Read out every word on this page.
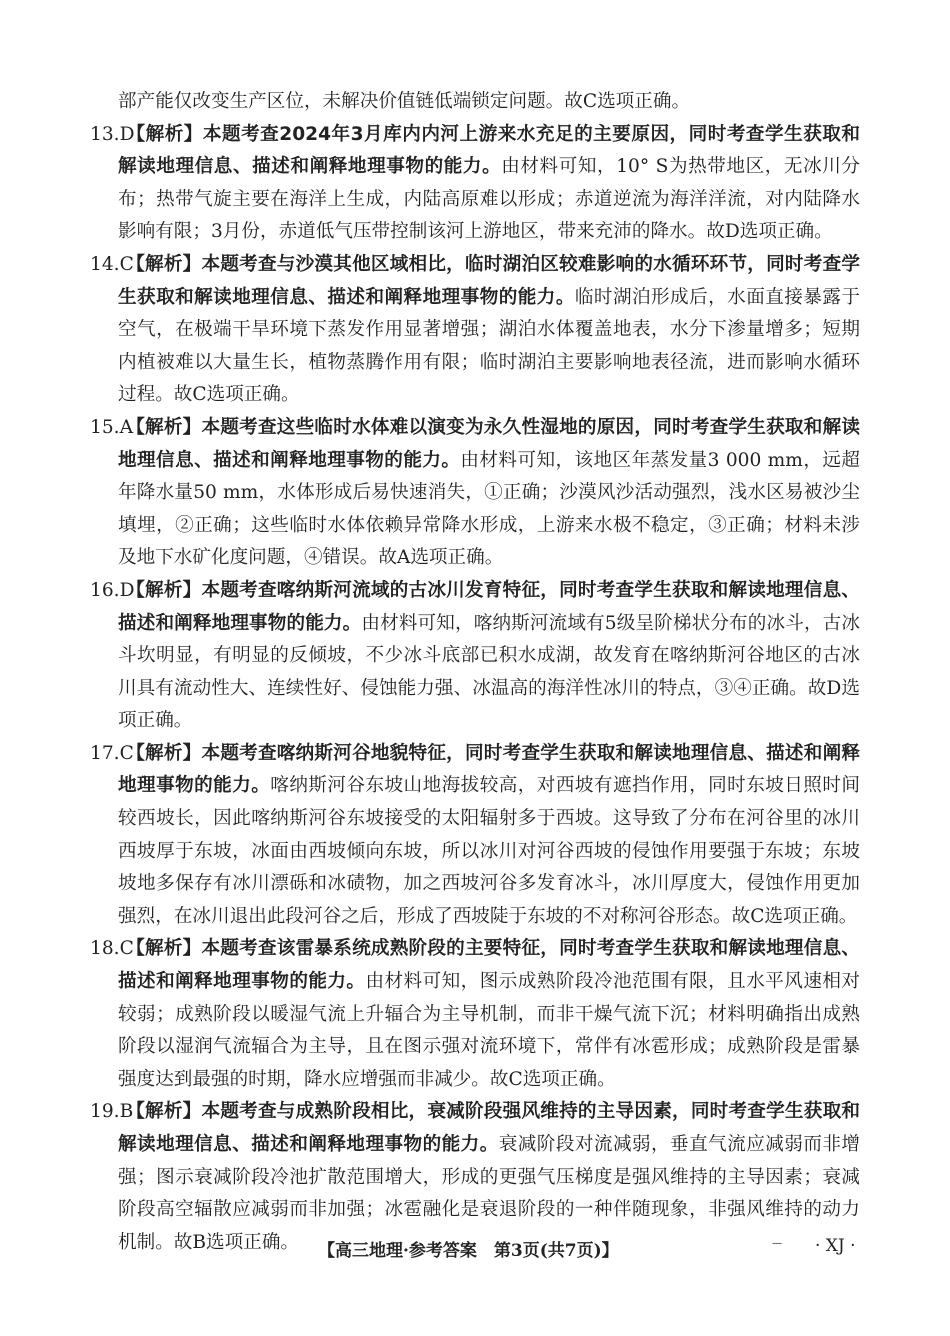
部产能仅改变生产区位，未解决价值链低端锁定问题。故C选项正确。
13.D【解析】本题考查2024年3月库内内河上游来水充足的主要原因，同时考查学生获取和解读地理信息、描述和阐释地理事物的能力。由材料可知，10° S为热带地区，无冰川分布；热带气旋主要在海洋上生成，内陆高原难以形成；赤道逆流为海洋洋流，对内陆降水影响有限；3月份，赤道低气压带控制该河上游地区，带来充沛的降水。故D选项正确。
14.C【解析】本题考查与沙漠其他区域相比，临时湖泊区较难影响的水循环环节，同时考查学生获取和解读地理信息、描述和阐释地理事物的能力。临时湖泊形成后，水面直接暴露于空气，在极端干旱环境下蒸发作用显著增强；湖泊水体覆盖地表，水分下渗量增多；短期内植被难以大量生长，植物蒸腾作用有限；临时湖泊主要影响地表径流，进而影响水循环过程。故C选项正确。
15.A【解析】本题考查这些临时水体难以演变为永久性湿地的原因，同时考查学生获取和解读地理信息、描述和阐释地理事物的能力。由材料可知，该地区年蒸发量3 000 mm，远超年降水量50 mm，水体形成后易快速消失，①正确；沙漠风沙活动强烈，浅水区易被沙尘填埋，②正确；这些临时水体依赖异常降水形成，上游来水极不稳定，③正确；材料未涉及地下水矿化度问题，④错误。故A选项正确。
16.D【解析】本题考查喀纳斯河流域的古冰川发育特征，同时考查学生获取和解读地理信息、描述和阐释地理事物的能力。由材料可知，喀纳斯河流域有5级呈阶梯状分布的冰斗，古冰斗坎明显，有明显的反倾坡，不少冰斗底部已积水成湖，故发育在喀纳斯河谷地区的古冰川具有流动性大、连续性好、侵蚀能力强、冰温高的海洋性冰川的特点，③④正确。故D选项正确。
17.C【解析】本题考查喀纳斯河谷地貌特征，同时考查学生获取和解读地理信息、描述和阐释地理事物的能力。喀纳斯河谷东坡山地海拔较高，对西坡有遮挡作用，同时东坡日照时间较西坡长，因此喀纳斯河谷东坡接受的太阳辐射多于西坡。这导致了分布在河谷里的冰川西坡厚于东坡，冰面由西坡倾向东坡，所以冰川对河谷西坡的侵蚀作用要强于东坡；东坡坡地多保存有冰川漂砾和冰碛物，加之西坡河谷多发育冰斗，冰川厚度大，侵蚀作用更加强烈，在冰川退出此段河谷之后，形成了西坡陡于东坡的不对称河谷形态。故C选项正确。
18.C【解析】本题考查该雷暴系统成熟阶段的主要特征，同时考查学生获取和解读地理信息、描述和阐释地理事物的能力。由材料可知，图示成熟阶段冷池范围有限，且水平风速相对较弱；成熟阶段以暖湿气流上升辐合为主导机制，而非干燥气流下沉；材料明确指出成熟阶段以湿润气流辐合为主导，且在图示强对流环境下，常伴有冰雹形成；成熟阶段是雷暴强度达到最强的时期，降水应增强而非减少。故C选项正确。
19.B【解析】本题考查与成熟阶段相比，衰减阶段强风维持的主导因素，同时考查学生获取和解读地理信息、描述和阐释地理事物的能力。衰减阶段对流减弱，垂直气流应减弱而非增强；图示衰减阶段冷池扩散范围增大，形成的更强气压梯度是强风维持的主导因素；衰减阶段高空辐散应减弱而非加强；冰雹融化是衰退阶段的一种伴随现象，非强风维持的动力机制。故B选项正确。	【高三地理·参考答案　第3页(共7页)】	— · XJ ·
